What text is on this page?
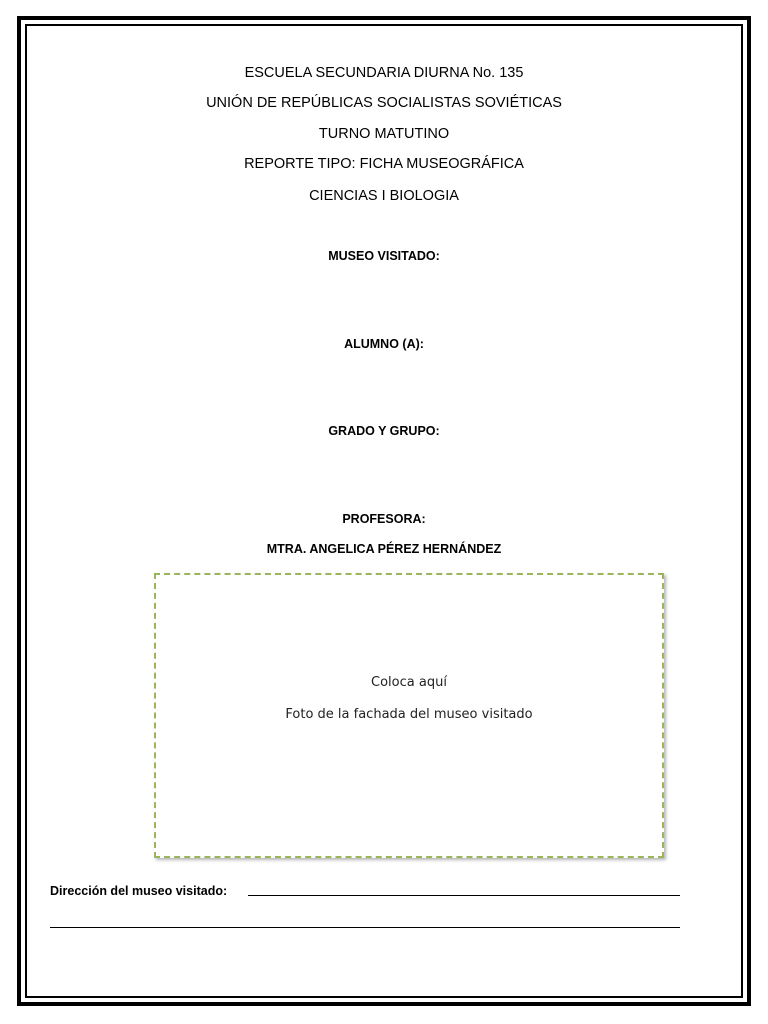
ESCUELA SECUNDARIA DIURNA No. 135
UNIÓN DE REPÚBLICAS SOCIALISTAS SOVIÉTICAS
TURNO MATUTINO
REPORTE TIPO: FICHA MUSEOGRÁFICA
CIENCIAS I BIOLOGIA
MUSEO VISITADO:
ALUMNO (A):
GRADO Y GRUPO:
PROFESORA:
MTRA. ANGELICA PÉREZ HERNÁNDEZ
Coloca aquí
Foto de la fachada del museo visitado
Dirección del museo visitado:
